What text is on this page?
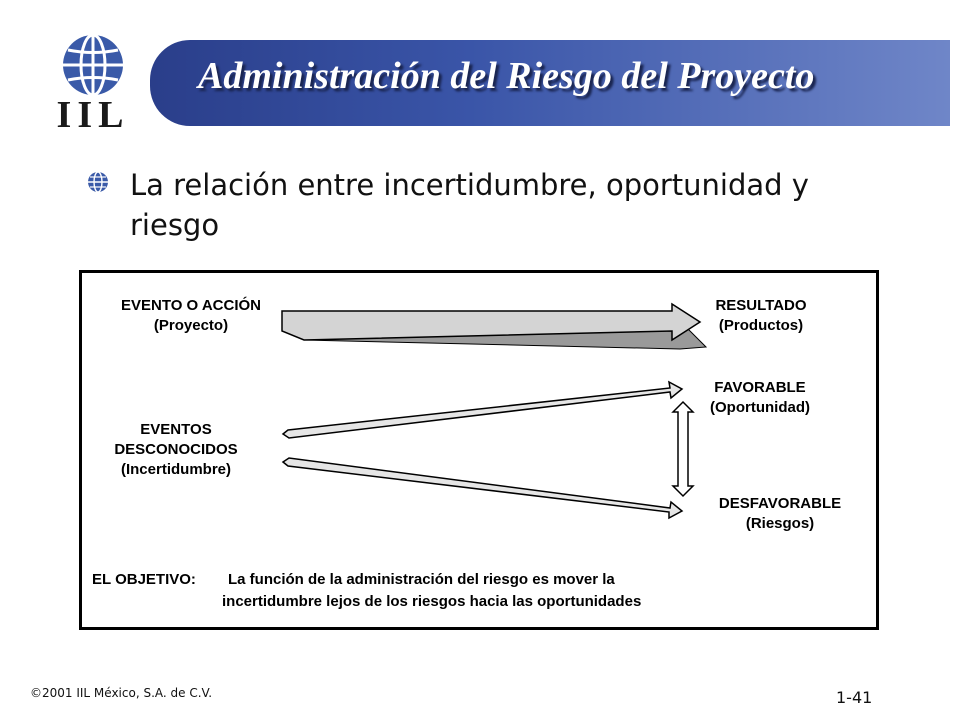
IIL
Administración del Riesgo del Proyecto
La relación entre incertidumbre, oportunidad y
riesgo
EVENTO O ACCIÓN
(Proyecto)
RESULTADO
(Productos)
EVENTOS
DESCONOCIDOS
(Incertidumbre)
FAVORABLE
(Oportunidad)
DESFAVORABLE
(Riesgos)
EL OBJETIVO: La función de la administración del riesgo es mover la
incertidumbre lejos de los riesgos hacia las oportunidades
©2001 IIL México, S.A. de C.V.	1-41
